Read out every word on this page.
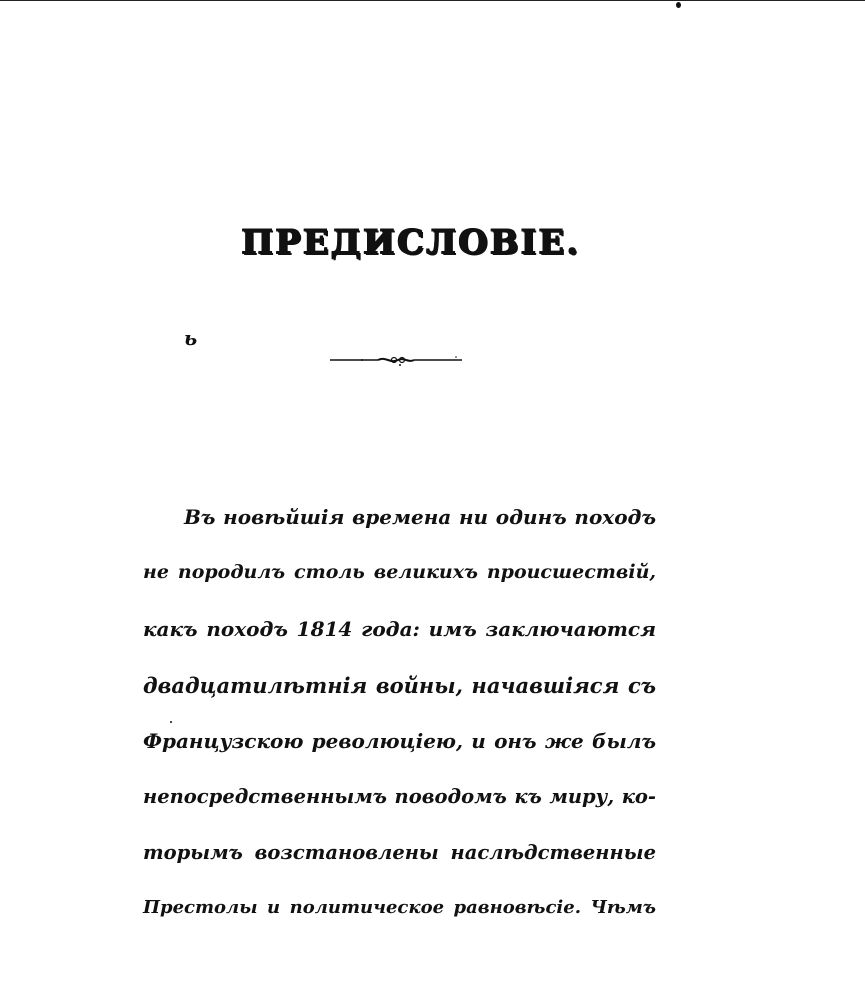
ПРЕДИСЛОВІЕ.
ь
Въ новѣйшія времена ни одинъ походъ
не породилъ столь великихъ происшествій,
какъ походъ 1814 года: имъ заключаются
двадцатилѣтнія войны, начавшіяся съ
Французскою революціею, и онъ же былъ
непосредственнымъ поводомъ къ миру, ко-
торымъ возстановлены наслѣдственные
Престолы и политическое равновѣсіе. Чѣмъ
